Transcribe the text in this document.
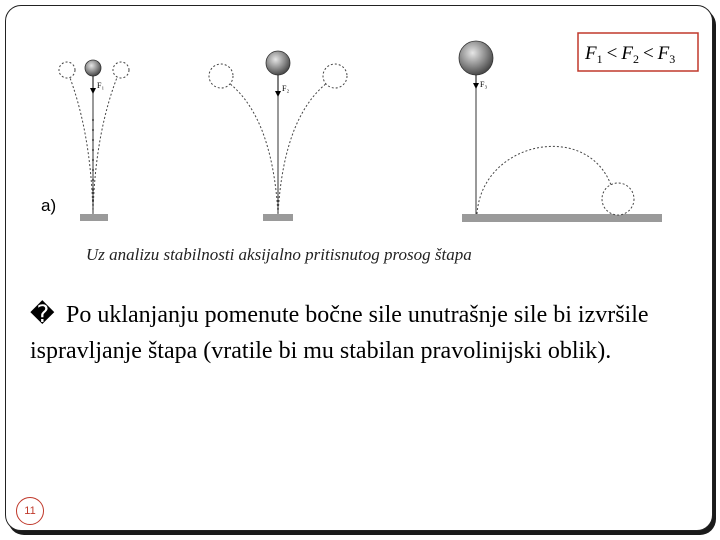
$F_1 < F_2 < F_3$
F₁	F₂	F₃
a)
Uz analizu stabilnosti aksijalno pritisnutog prosog štapa
� Po uklanjanju pomenute bočne sile unutrašnje sile bi izvršile ispravljanje štapa (vratile bi mu stabilan pravolinijski oblik).
11
